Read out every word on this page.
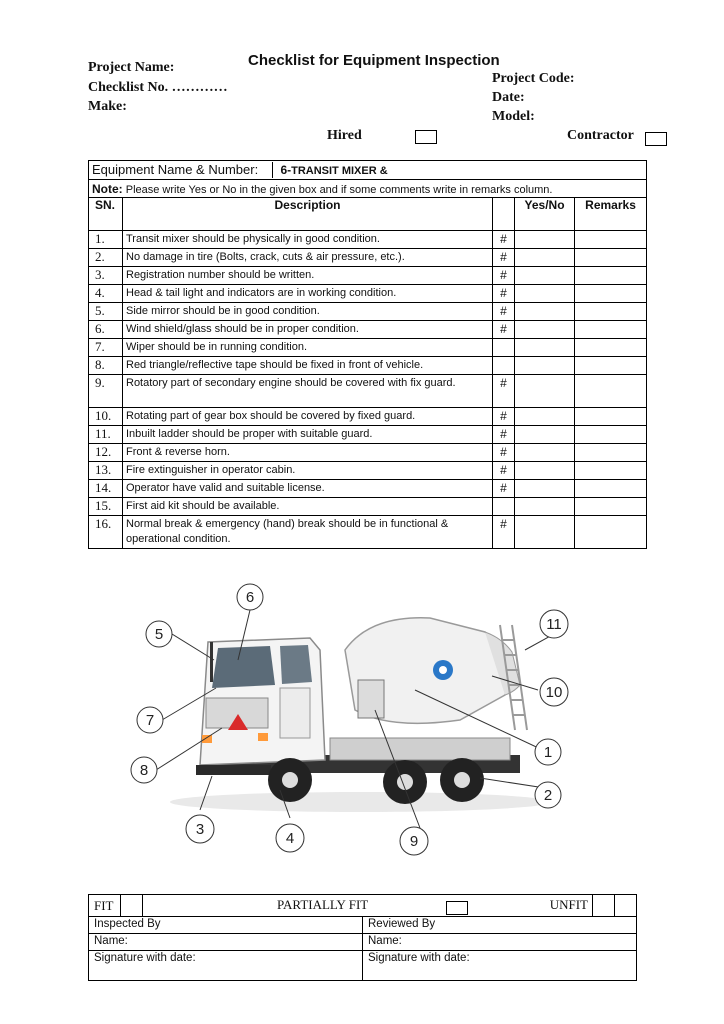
Project Name:	Checklist for Equipment Inspection
Checklist No. …………
Make:
Project Code:
Date:
Model:
Hired	Contractor
Equipment Name & Number: 6-TRANSIT MIXER &				
Note: Please write Yes or No in the given box and if some comments write in remarks column.				
SN.	Description		Yes/No	Remarks
1.	Transit mixer should be physically in good condition.	#		
2.	No damage in tire (Bolts, crack, cuts & air pressure, etc.).	#		
3.	Registration number should be written.	#		
4.	Head & tail light and indicators are in working condition.	#		
5.	Side mirror should be in good condition.	#		
6.	Wind shield/glass should be in proper condition.	#		
7.	Wiper should be in running condition.			
8.	Red triangle/reflective tape should be fixed in front of vehicle.			
9.	Rotatory part of secondary engine should be covered with fix guard.	#		
10.	Rotating part of gear box should be covered by fixed guard.	#		
11.	Inbuilt ladder should be proper with suitable guard.	#		
12.	Front & reverse horn.	#		
13.	Fire extinguisher in operator cabin.	#		
14.	Operator have valid and suitable license.	#		
15.	First aid kit should be available.			
16.	Normal break & emergency (hand) break should be in functional & operational condition.	#		
6
5
11
7
10
8
1
2
3
4	9
FIT		PARTIALLY FIT UNFIT			

Inspected By			Reviewed By		
Name:			Name:		
Signature with date:			Signature with date:		
